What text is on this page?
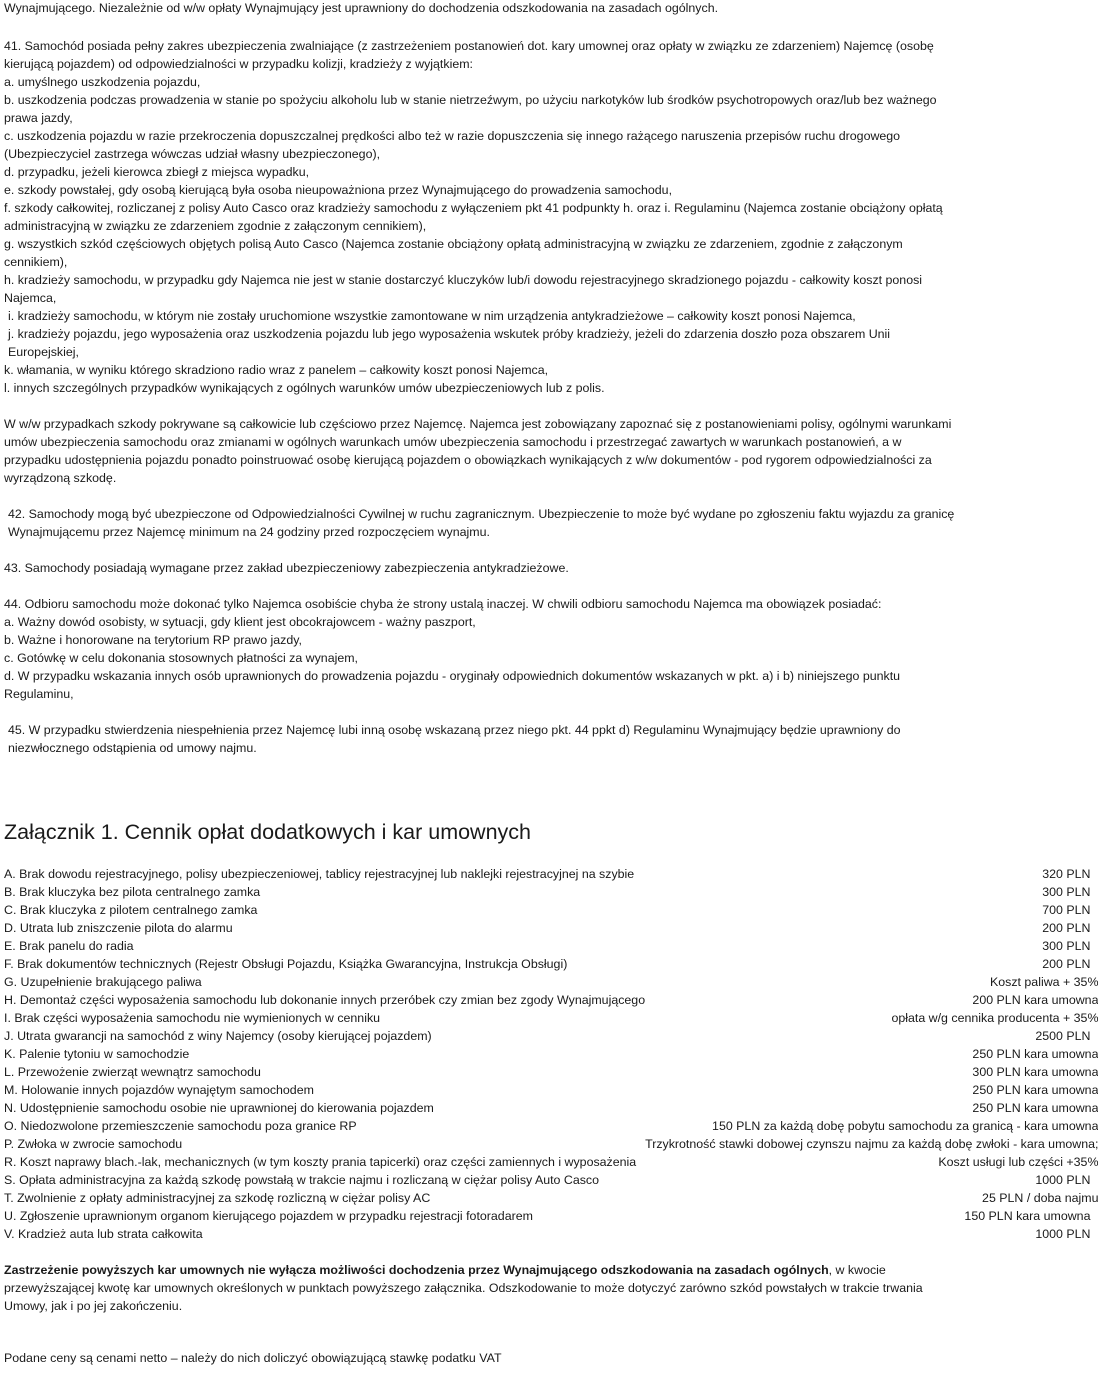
Wynajmującego. Niezależnie od w/w opłaty Wynajmujący jest uprawniony do dochodzenia odszkodowania na zasadach ogólnych.

41. Samochód posiada pełny zakres ubezpieczenia zwalniające (z zastrzeżeniem postanowień dot. kary umownej oraz opłaty w związku ze zdarzeniem) Najemcę (osobę kierującą pojazdem) od odpowiedzialności w przypadku kolizji, kradzieży z wyjątkiem:

a. umyślnego uszkodzenia pojazdu,

b. uszkodzenia podczas prowadzenia w stanie po spożyciu alkoholu lub w stanie nietrzeźwym, po użyciu narkotyków lub środków psychotropowych oraz/lub bez ważnego prawa jazdy,

c. uszkodzenia pojazdu w razie przekroczenia dopuszczalnej prędkości albo też w razie dopuszczenia się innego rażącego naruszenia przepisów ruchu drogowego (Ubezpieczyciel zastrzega wówczas udział własny ubezpieczonego),

d. przypadku, jeżeli kierowca zbiegł z miejsca wypadku,

e. szkody powstałej, gdy osobą kierującą była osoba nieupoważniona przez Wynajmującego do prowadzenia samochodu,

f. szkody całkowitej, rozliczanej z polisy Auto Casco oraz kradzieży samochodu z wyłączeniem pkt 41 podpunkty h. oraz i. Regulaminu (Najemca zostanie obciążony opłatą administracyjną w związku ze zdarzeniem zgodnie z załączonym cennikiem),

g. wszystkich szkód częściowych objętych polisą Auto Casco (Najemca zostanie obciążony opłatą administracyjną w związku ze zdarzeniem, zgodnie z załączonym cennikiem),

h. kradzieży samochodu, w przypadku gdy Najemca nie jest w stanie dostarczyć kluczyków lub/i dowodu rejestracyjnego skradzionego pojazdu - całkowity koszt ponosi Najemca,

i. kradzieży samochodu, w którym nie zostały uruchomione wszystkie zamontowane w nim urządzenia antykradzieżowe – całkowity koszt ponosi Najemca,

j. kradzieży pojazdu, jego wyposażenia oraz uszkodzenia pojazdu lub jego wyposażenia wskutek próby kradzieży, jeżeli do zdarzenia doszło poza obszarem Unii Europejskiej,

k. włamania, w wyniku którego skradziono radio wraz z panelem – całkowity koszt ponosi Najemca,

l. innych szczególnych przypadków wynikających z ogólnych warunków umów ubezpieczeniowych lub z polis.

W w/w przypadkach szkody pokrywane są całkowicie lub częściowo przez Najemcę. Najemca jest zobowiązany zapoznać się z postanowieniami polisy, ogólnymi warunkami umów ubezpieczenia samochodu oraz zmianami w ogólnych warunkach umów ubezpieczenia samochodu i przestrzegać zawartych w warunkach postanowień, a w przypadku udostępnienia pojazdu ponadto poinstruować osobę kierującą pojazdem o obowiązkach wynikających z w/w dokumentów - pod rygorem odpowiedzialności za wyrządzoną szkodę.

42. Samochody mogą być ubezpieczone od Odpowiedzialności Cywilnej w ruchu zagranicznym. Ubezpieczenie to może być wydane po zgłoszeniu faktu wyjazdu za granicę Wynajmującemu przez Najemcę minimum na 24 godziny przed rozpoczęciem wynajmu.

43. Samochody posiadają wymagane przez zakład ubezpieczeniowy zabezpieczenia antykradzieżowe.

44. Odbioru samochodu może dokonać tylko Najemca osobiście chyba że strony ustalą inaczej. W chwili odbioru samochodu Najemca ma obowiązek posiadać:

a. Ważny dowód osobisty, w sytuacji, gdy klient jest obcokrajowcem - ważny paszport,

b. Ważne i honorowane na terytorium RP prawo jazdy,

c. Gotówkę w celu dokonania stosownych płatności za wynajem,

d. W przypadku wskazania innych osób uprawnionych do prowadzenia pojazdu - oryginały odpowiednich dokumentów wskazanych w pkt. a) i b) niniejszego punktu Regulaminu,

45. W przypadku stwierdzenia niespełnienia przez Najemcę lubi inną osobę wskazaną przez niego pkt. 44 ppkt d) Regulaminu Wynajmujący będzie uprawniony do niezwłocznego odstąpienia od umowy najmu.

Załącznik 1. Cennik opłat dodatkowych i kar umownych
A. Brak dowodu rejestracyjnego, polisy ubezpieczeniowej, tablicy rejestracyjnej lub naklejki rejestracyjnej na szybie	320 PLN
B. Brak kluczyka bez pilota centralnego zamka	300 PLN
C. Brak kluczyka z pilotem centralnego zamka	700 PLN
D. Utrata lub zniszczenie pilota do alarmu	200 PLN
E. Brak panelu do radia	300 PLN
F. Brak dokumentów technicznych (Rejestr Obsługi Pojazdu, Książka Gwarancyjna, Instrukcja Obsługi)	200 PLN
G. Uzupełnienie brakującego paliwa	Koszt paliwa + 35%
H. Demontaż części wyposażenia samochodu lub dokonanie innych przeróbek czy zmian bez zgody Wynajmującego	200 PLN kara umowna
I. Brak części wyposażenia samochodu nie wymienionych w cenniku	opłata w/g cennika producenta + 35%
J. Utrata gwarancji na samochód z winy Najemcy (osoby kierującej pojazdem)	2500 PLN
K. Palenie tytoniu w samochodzie	250 PLN kara umowna
L. Przewożenie zwierząt wewnątrz samochodu	300 PLN kara umowna
M. Holowanie innych pojazdów wynajętym samochodem	250 PLN kara umowna
N. Udostępnienie samochodu osobie nie uprawnionej do kierowania pojazdem	250 PLN kara umowna
O. Niedozwolone przemieszczenie samochodu poza granice RP	150 PLN za każdą dobę pobytu samochodu za granicą - kara umowna
P. Zwłoka w zwrocie samochodu	Trzykrotność stawki dobowej czynszu najmu za każdą dobę zwłoki - kara umowna;
R. Koszt naprawy blach.-lak, mechanicznych (w tym koszty prania tapicerki) oraz części zamiennych i wyposażenia	Koszt usługi lub części +35%
S. Opłata administracyjna za każdą szkodę powstałą w trakcie najmu i rozliczaną w ciężar polisy Auto Casco	1000 PLN
T. Zwolnienie z opłaty administracyjnej za szkodę rozliczną w ciężar polisy AC	25 PLN / doba najmu
U. Zgłoszenie uprawnionym organom kierującego pojazdem w przypadku rejestracji fotoradarem	150 PLN kara umowna
V. Kradzież auta lub strata całkowita	1000 PLN

Zastrzeżenie powyższych kar umownych nie wyłącza możliwości dochodzenia przez Wynajmującego odszkodowania na zasadach ogólnych, w kwocie przewyższającej kwotę kar umownych określonych w punktach powyższego załącznika. Odszkodowanie to może dotyczyć zarówno szkód powstałych w trakcie trwania Umowy, jak i po jej zakończeniu.

Podane ceny są cenami netto – należy do nich doliczyć obowiązującą stawkę podatku VAT
